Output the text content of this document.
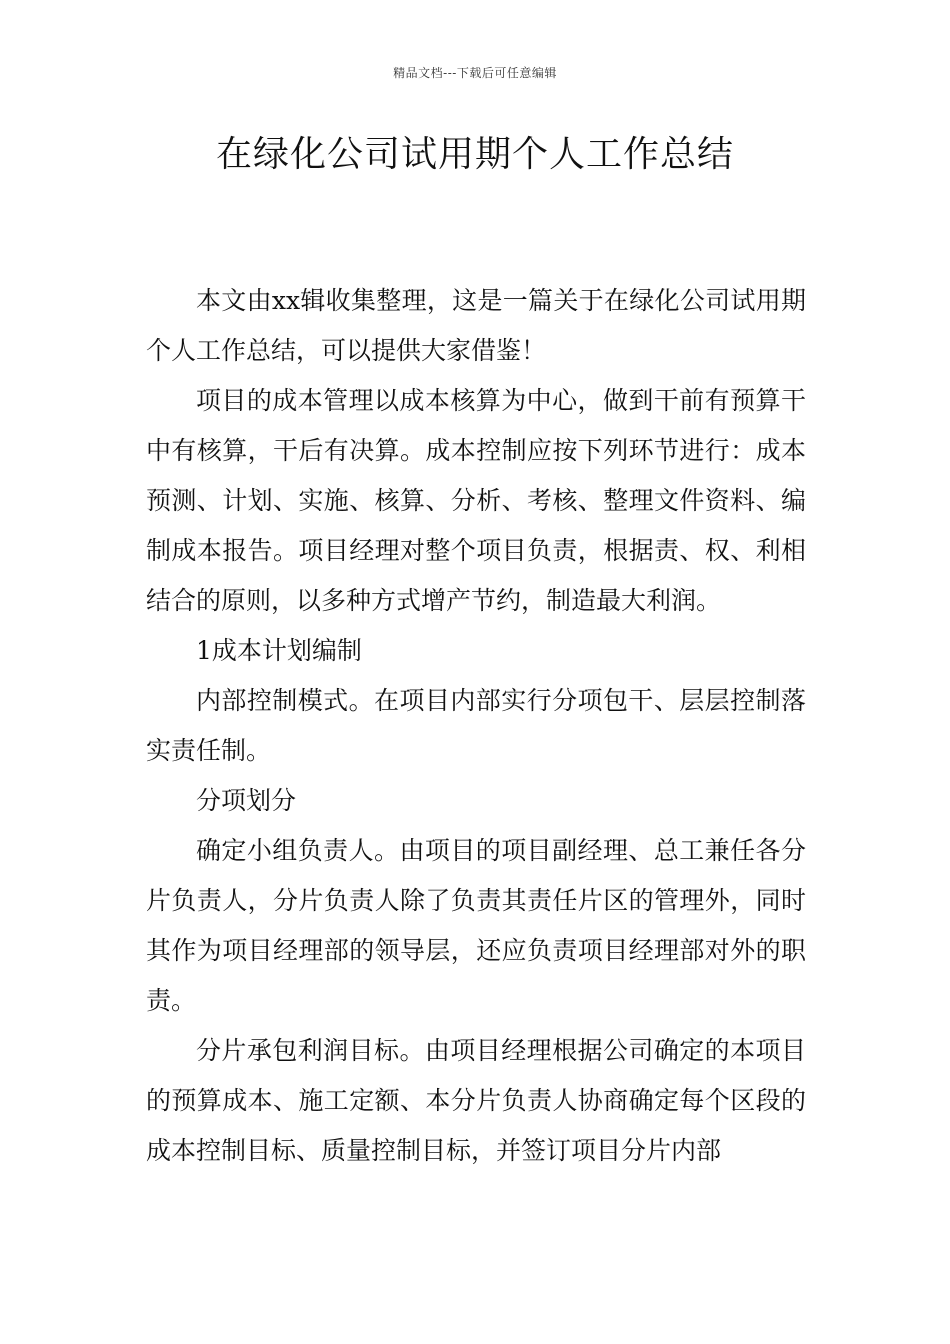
精品文档---下载后可任意编辑
在绿化公司试用期个人工作总结

本文由xx辑收集整理，这是一篇关于在绿化公司试用期个人工作总结，可以提供大家借鉴！

项目的成本管理以成本核算为中心，做到干前有预算干中有核算，干后有决算。成本控制应按下列环节进行：成本预测、计划、实施、核算、分析、考核、整理文件资料、编制成本报告。项目经理对整个项目负责，根据责、权、利相结合的原则，以多种方式增产节约，制造最大利润。

1成本计划编制

内部控制模式。在项目内部实行分项包干、层层控制落实责任制。

分项划分

确定小组负责人。由项目的项目副经理、总工兼任各分片负责人，分片负责人除了负责其责任片区的管理外，同时其作为项目经理部的领导层，还应负责项目经理部对外的职责。

分片承包利润目标。由项目经理根据公司确定的本项目的预算成本、施工定额、本分片负责人协商确定每个区段的成本控制目标、质量控制目标，并签订项目分片内部
